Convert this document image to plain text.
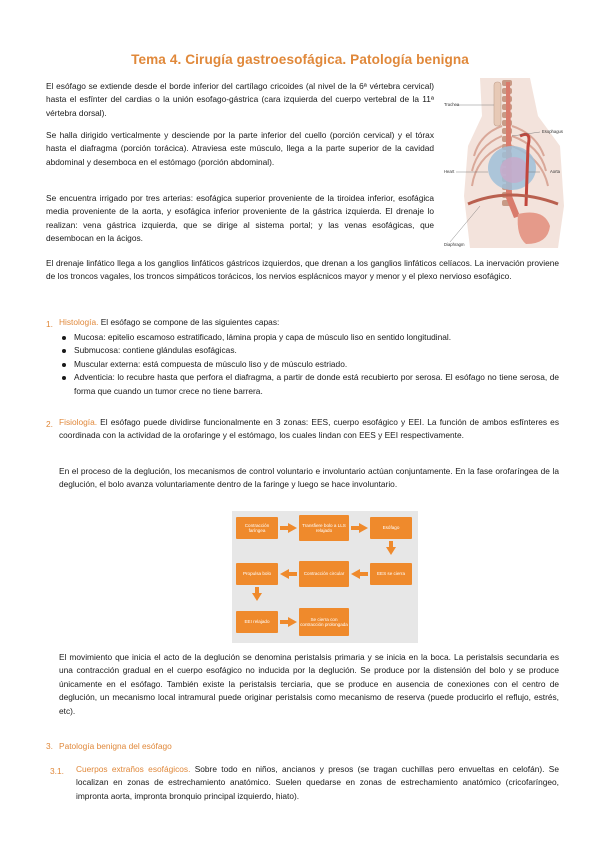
Tema 4. Cirugía gastroesofágica. Patología benigna

El esófago se extiende desde el borde inferior del cartílago cricoides (al nivel de la 6ª vértebra cervical) hasta el esfínter del cardias o la unión esofago-gástrica (cara izquierda del cuerpo vertebral de la 11ª vértebra dorsal).

Se halla dirigido verticalmente y desciende por la parte inferior del cuello (porción cervical) y el tórax hasta el diafragma (porción torácica). Atraviesa este músculo, llega a la parte superior de la cavidad abdominal y desemboca en el estómago (porción abdominal).

Se encuentra irrigado por tres arterias: esofágica superior proveniente de la tiroidea inferior, esofágica media proveniente de la aorta, y esofágica inferior proveniente de la gástrica izquierda. El drenaje lo realizan: vena gástrica izquierda, que se dirige al sistema portal; y las venas esofágicas, que desembocan en la ácigos.

Trachea
Esophagus
Heart	Aorta
Diaphragm

El drenaje linfático llega a los ganglios linfáticos gástricos izquierdos, que drenan a los ganglios linfáticos celíacos. La inervación proviene de los troncos vagales, los troncos simpáticos torácicos, los nervios esplácnicos mayor y menor y el plexo nervioso esofágico.

1. Histología. El esófago se compone de las siguientes capas:

Mucosa: epitelio escamoso estratificado, lámina propia y capa de músculo liso en sentido longitudinal.
Submucosa: contiene glándulas esofágicas.
Muscular externa: está compuesta de músculo liso y de músculo estriado.
Adventicia: lo recubre hasta que perfora el diafragma, a partir de donde está recubierto por serosa. El esófago no tiene serosa, de forma que cuando un tumor crece no tiene barrera.
2. Fisiología. El esófago puede dividirse funcionalmente en 3 zonas: EES, cuerpo esofágico y EEI. La función de ambos esfínteres es coordinada con la actividad de la orofaringe y el estómago, los cuales lindan con EES y EEI respectivamente.

En el proceso de la deglución, los mecanismos de control voluntario e involuntario actúan conjuntamente. En la fase orofaríngea de la deglución, el bolo avanza voluntariamente dentro de la faringe y luego se hace involuntario.

Contracción faríngea
Transfiere bolo a LLS relajado
Esófago
EES se cierra
Contracción circular
Propulsa bolo
EEI relajado
Se cierra con contracción prolongada

El movimiento que inicia el acto de la deglución se denomina peristalsis primaria y se inicia en la boca. La peristalsis secundaria es una contracción gradual en el cuerpo esofágico no inducida por la deglución. Se produce por la distensión del bolo y se produce únicamente en el esófago. También existe la peristalsis terciaria, que se produce en ausencia de conexiones con el centro de deglución, un mecanismo local intramural puede originar peristalsis como mecanismo de reserva (puede producirlo el reflujo, estrés, etc).

3. Patología benigna del esófago
3.1. Cuerpos extraños esofágicos. Sobre todo en niños, ancianos y presos (se tragan cuchillas pero envueltas en celofán). Se localizan en zonas de estrechamiento anatómico. Suelen quedarse en zonas de estrechamiento anatómico (cricofaríngeo, impronta aorta, impronta bronquio principal izquierdo, hiato).
